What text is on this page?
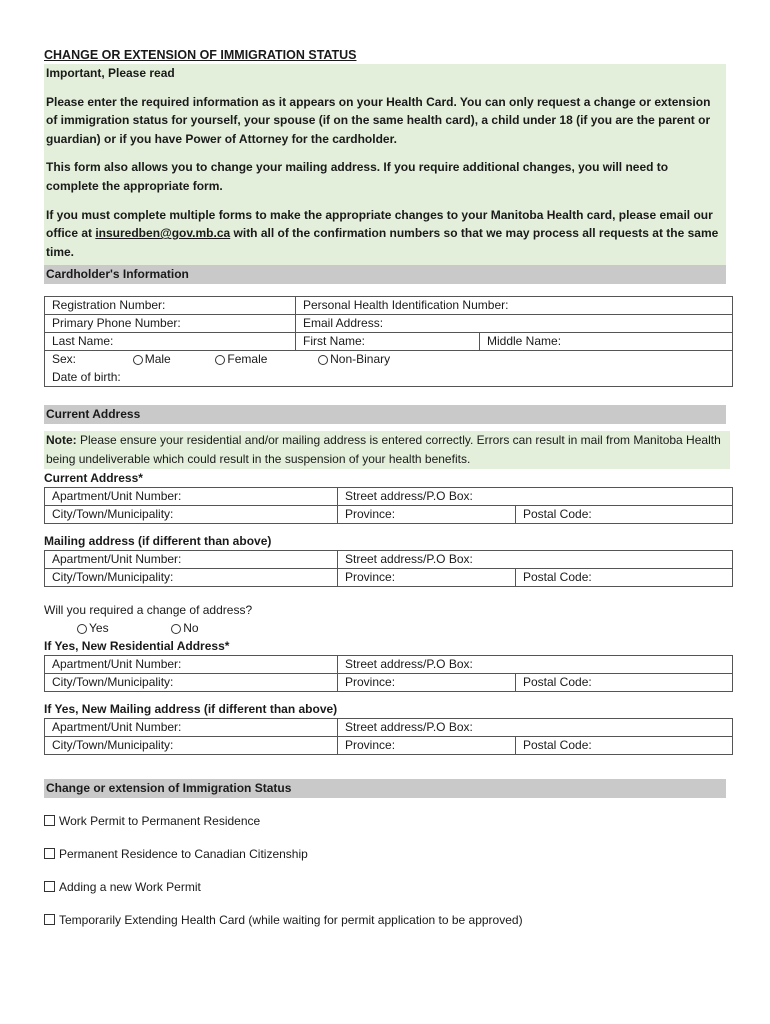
CHANGE OR EXTENSION OF IMMIGRATION STATUS

Important, Please read

Please enter the required information as it appears on your Health Card. You can only request a change or extension of immigration status for yourself, your spouse (if on the same health card), a child under 18 (if you are the parent or guardian) or if you have Power of Attorney for the cardholder.

This form also allows you to change your mailing address. If you require additional changes, you will need to complete the appropriate form.

If you must complete multiple forms to make the appropriate changes to your Manitoba Health card, please email our office at insuredben@gov.mb.ca with all of the confirmation numbers so that we may process all requests at the same time.

Cardholder's Information
Registration Number:	Personal Health Identification Number:	
Primary Phone Number:	Email Address:	
Last Name:	First Name:	Middle Name:
Sex: Male Female Non-Binary		
Date of birth:		
Current Address

Note: Please ensure your residential and/or mailing address is entered correctly. Errors can result in mail from Manitoba Health being undeliverable which could result in the suspension of your health benefits.

Current Address*
Apartment/Unit Number:	Street address/P.O Box:	
City/Town/Municipality:	Province:	Postal Code:
Mailing address (if different than above)
Apartment/Unit Number:	Street address/P.O Box:	
City/Town/Municipality:	Province:	Postal Code:
Will you required a change of address?
Yes	No
If Yes, New Residential Address*
Apartment/Unit Number:	Street address/P.O Box:	
City/Town/Municipality:	Province:	Postal Code:
If Yes, New Mailing address (if different than above)
Apartment/Unit Number:	Street address/P.O Box:	
City/Town/Municipality:	Province:	Postal Code:
Change or extension of Immigration Status
Work Permit to Permanent Residence
Permanent Residence to Canadian Citizenship
Adding a new Work Permit
Temporarily Extending Health Card (while waiting for permit application to be approved)
